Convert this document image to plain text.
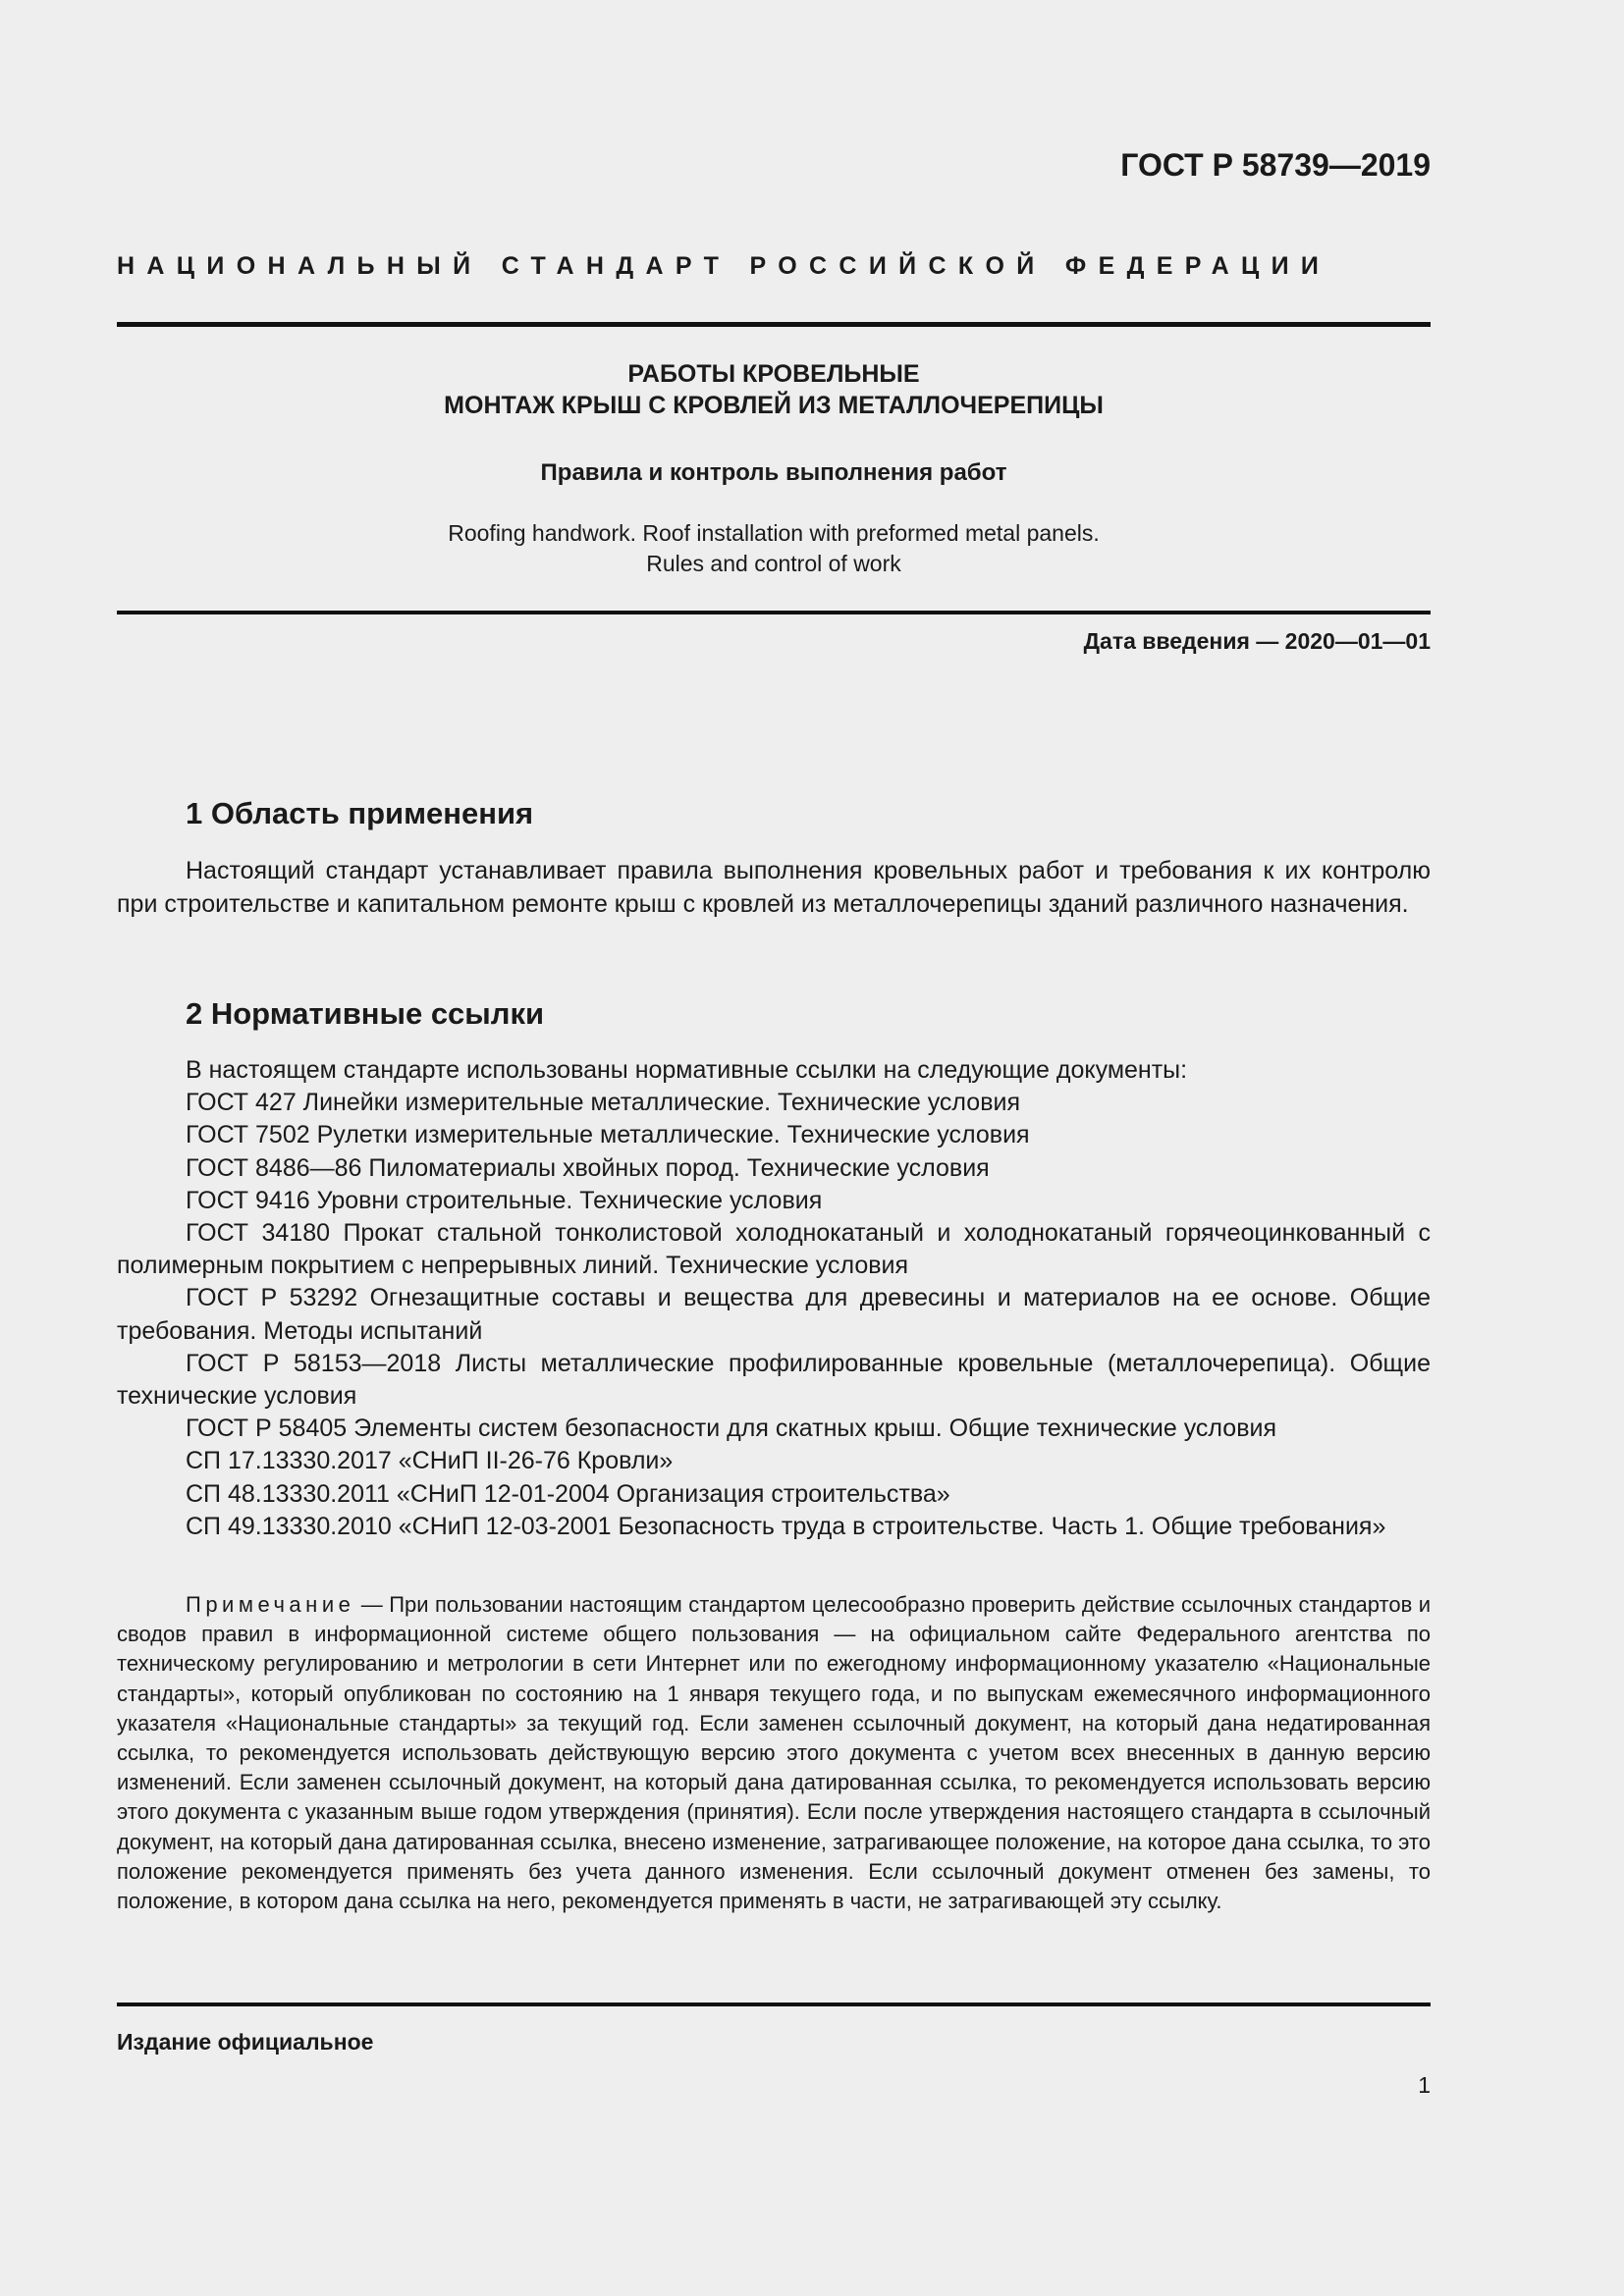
ГОСТ Р 58739—2019
НАЦИОНАЛЬНЫЙ СТАНДАРТ РОССИЙСКОЙ ФЕДЕРАЦИИ
РАБОТЫ КРОВЕЛЬНЫЕ
МОНТАЖ КРЫШ С КРОВЛЕЙ ИЗ МЕТАЛЛОЧЕРЕПИЦЫ
Правила и контроль выполнения работ
Roofing handwork. Roof installation with preformed metal panels.
Rules and control of work
Дата введения — 2020—01—01
1 Область применения

Настоящий стандарт устанавливает правила выполнения кровельных работ и требования к их контролю при строительстве и капитальном ремонте крыш с кровлей из металлочерепицы зданий различного назначения.

2 Нормативные ссылки
В настоящем стандарте использованы нормативные ссылки на следующие документы:
ГОСТ 427 Линейки измерительные металлические. Технические условия
ГОСТ 7502 Рулетки измерительные металлические. Технические условия
ГОСТ 8486—86 Пиломатериалы хвойных пород. Технические условия
ГОСТ 9416 Уровни строительные. Технические условия
ГОСТ 34180 Прокат стальной тонколистовой холоднокатаный и холоднокатаный горячеоцинкованный с полимерным покрытием с непрерывных линий. Технические условия
ГОСТ Р 53292 Огнезащитные составы и вещества для древесины и материалов на ее основе. Общие требования. Методы испытаний
ГОСТ Р 58153—2018 Листы металлические профилированные кровельные (металлочерепица). Общие технические условия
ГОСТ Р 58405 Элементы систем безопасности для скатных крыш. Общие технические условия
СП 17.13330.2017 «СНиП II-26-76 Кровли»
СП 48.13330.2011 «СНиП 12-01-2004 Организация строительства»
СП 49.13330.2010 «СНиП 12-03-2001 Безопасность труда в строительстве. Часть 1. Общие требования»

Примечание — При пользовании настоящим стандартом целесообразно проверить действие ссылочных стандартов и сводов правил в информационной системе общего пользования — на официальном сайте Федерального агентства по техническому регулированию и метрологии в сети Интернет или по ежегодному информационному указателю «Национальные стандарты», который опубликован по состоянию на 1 января текущего года, и по выпускам ежемесячного информационного указателя «Национальные стандарты» за текущий год. Если заменен ссылочный документ, на который дана недатированная ссылка, то рекомендуется использовать действующую версию этого документа с учетом всех внесенных в данную версию изменений. Если заменен ссылочный документ, на который дана датированная ссылка, то рекомендуется использовать версию этого документа с указанным выше годом утверждения (принятия). Если после утверждения настоящего стандарта в ссылочный документ, на который дана датированная ссылка, внесено изменение, затрагивающее положение, на которое дана ссылка, то это положение рекомендуется применять без учета данного изменения. Если ссылочный документ отменен без замены, то положение, в котором дана ссылка на него, рекомендуется применять в части, не затрагивающей эту ссылку.

Издание официальное
1
